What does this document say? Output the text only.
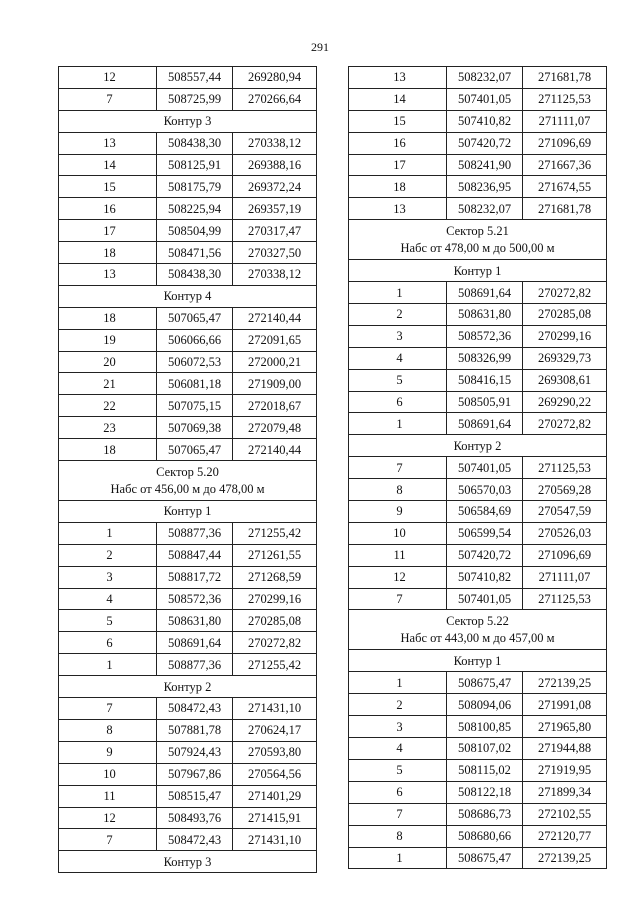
291
12	508557,44	269280,94
7	508725,99	270266,64
Контур 3		
13	508438,30	270338,12
14	508125,91	269388,16
15	508175,79	269372,24
16	508225,94	269357,19
17	508504,99	270317,47
18	508471,56	270327,50
13	508438,30	270338,12
Контур 4		
18	507065,47	272140,44
19	506066,66	272091,65
20	506072,53	272000,21
21	506081,18	271909,00
22	507075,15	272018,67
23	507069,38	272079,48
18	507065,47	272140,44

Сектор 5.20
Набс от 456,00 м до 478,00 м		

Контур 1		
1	508877,36	271255,42
2	508847,44	271261,55
3	508817,72	271268,59
4	508572,36	270299,16
5	508631,80	270285,08
6	508691,64	270272,82
1	508877,36	271255,42
Контур 2		
7	508472,43	271431,10
8	507881,78	270624,17
9	507924,43	270593,80
10	507967,86	270564,56
11	508515,47	271401,29
12	508493,76	271415,91
7	508472,43	271431,10
Контур 3		
13	508232,07	271681,78
14	507401,05	271125,53
15	507410,82	271111,07
16	507420,72	271096,69
17	508241,90	271667,36
18	508236,95	271674,55
13	508232,07	271681,78

Сектор 5.21
Набс от 478,00 м до 500,00 м		

Контур 1		
1	508691,64	270272,82
2	508631,80	270285,08
3	508572,36	270299,16
4	508326,99	269329,73
5	508416,15	269308,61
6	508505,91	269290,22
1	508691,64	270272,82
Контур 2		
7	507401,05	271125,53
8	506570,03	270569,28
9	506584,69	270547,59
10	506599,54	270526,03
11	507420,72	271096,69
12	507410,82	271111,07
7	507401,05	271125,53

Сектор 5.22
Набс от 443,00 м до 457,00 м		

Контур 1		
1	508675,47	272139,25
2	508094,06	271991,08
3	508100,85	271965,80
4	508107,02	271944,88
5	508115,02	271919,95
6	508122,18	271899,34
7	508686,73	272102,55
8	508680,66	272120,77
1	508675,47	272139,25
